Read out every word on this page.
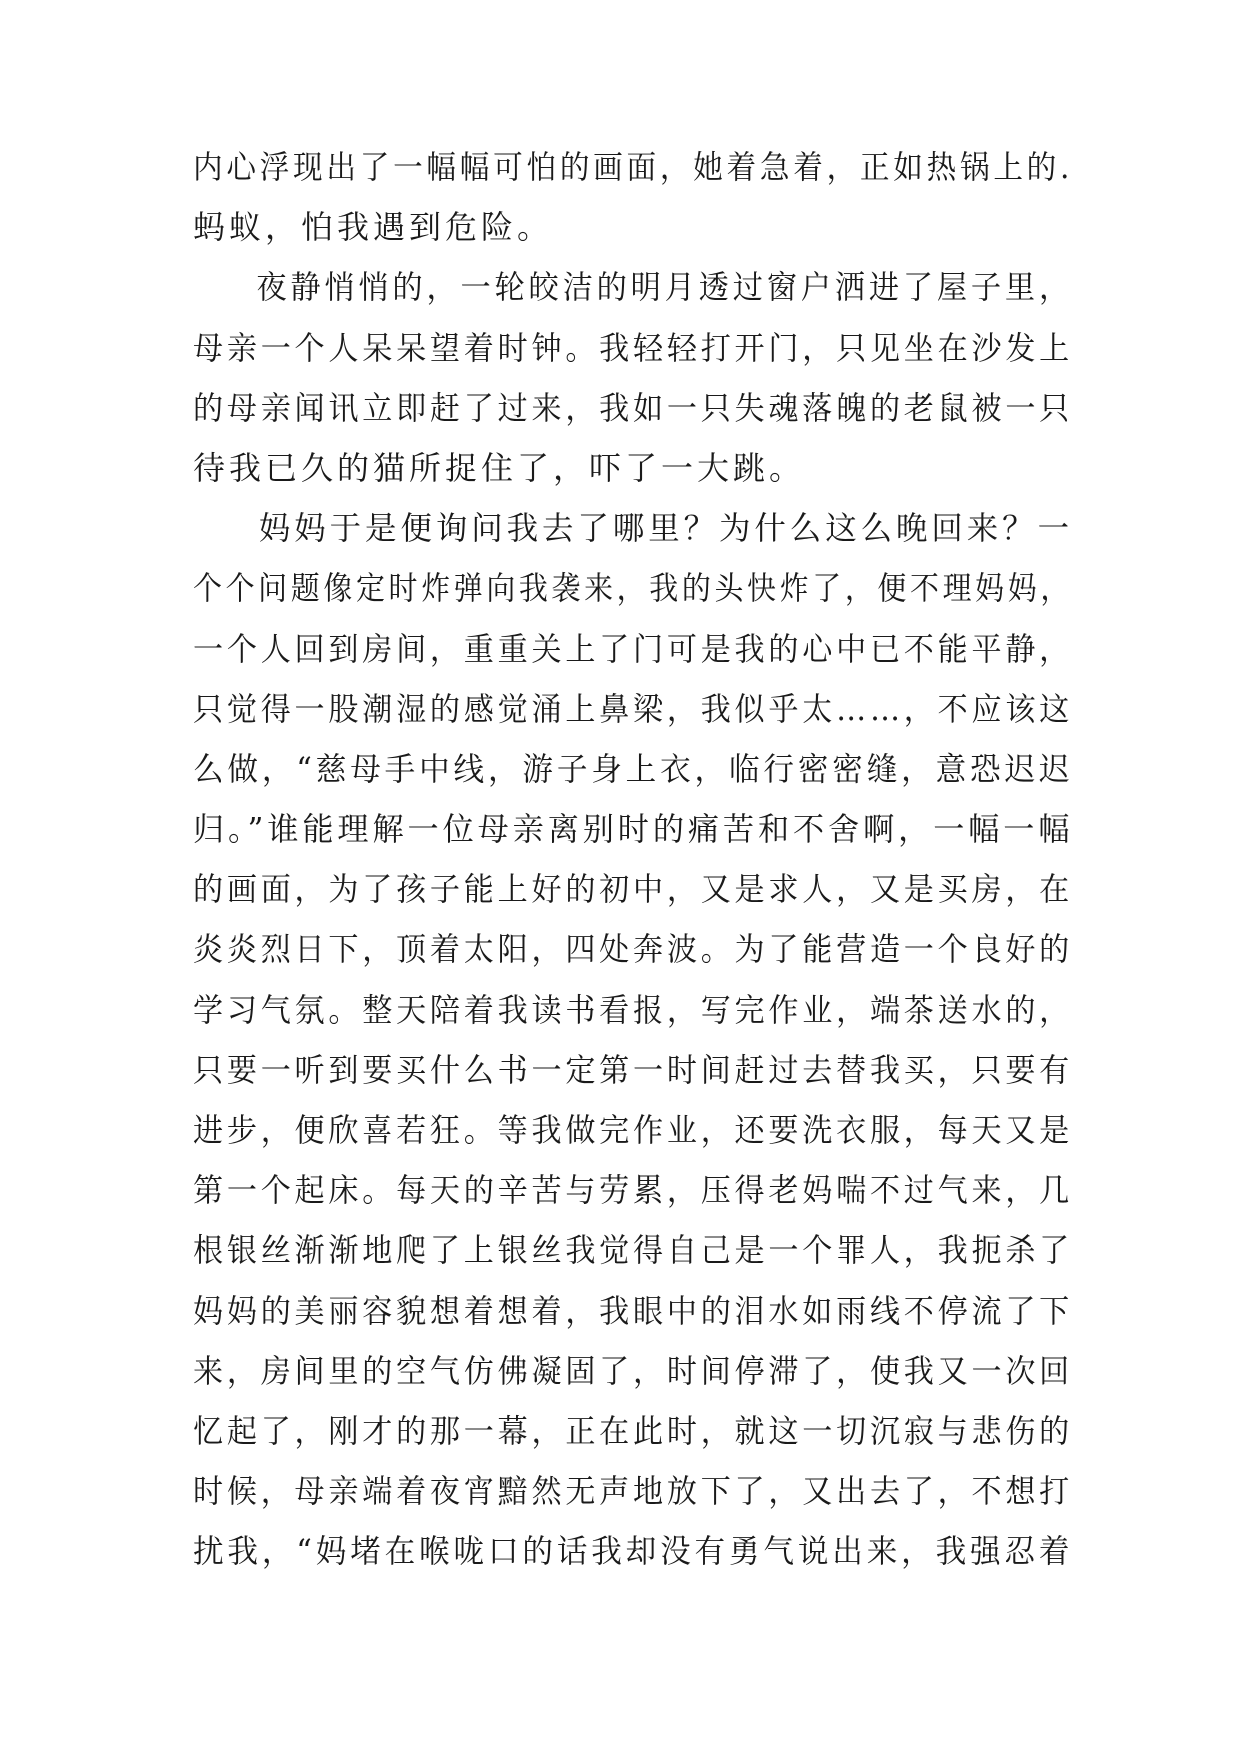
内心浮现出了一幅幅可怕的画面，她着急着，正如热锅上的.
蚂蚁，怕我遇到危险。
夜静悄悄的，一轮皎洁的明月透过窗户洒进了屋子里，
母亲一个人呆呆望着时钟。我轻轻打开门，只见坐在沙发上
的母亲闻讯立即赶了过来，我如一只失魂落魄的老鼠被一只
待我已久的猫所捉住了，吓了一大跳。
妈妈于是便询问我去了哪里？为什么这么晚回来？一
个个问题像定时炸弹向我袭来，我的头快炸了，便不理妈妈，
一个人回到房间，重重关上了门可是我的心中已不能平静，
只觉得一股潮湿的感觉涌上鼻梁，我似乎太……，不应该这
么做，“慈母手中线，游子身上衣，临行密密缝，意恐迟迟
归。”谁能理解一位母亲离别时的痛苦和不舍啊，一幅一幅
的画面，为了孩子能上好的初中，又是求人，又是买房，在
炎炎烈日下，顶着太阳，四处奔波。为了能营造一个良好的
学习气氛。整天陪着我读书看报，写完作业，端茶送水的，
只要一听到要买什么书一定第一时间赶过去替我买，只要有
进步，便欣喜若狂。等我做完作业，还要洗衣服，每天又是
第一个起床。每天的辛苦与劳累，压得老妈喘不过气来，几
根银丝渐渐地爬了上银丝我觉得自己是一个罪人，我扼杀了
妈妈的美丽容貌想着想着，我眼中的泪水如雨线不停流了下
来，房间里的空气仿佛凝固了，时间停滞了，使我又一次回
忆起了，刚才的那一幕，正在此时，就这一切沉寂与悲伤的
时候，母亲端着夜宵黯然无声地放下了，又出去了，不想打
扰我，“妈堵在喉咙口的话我却没有勇气说出来，我强忍着
